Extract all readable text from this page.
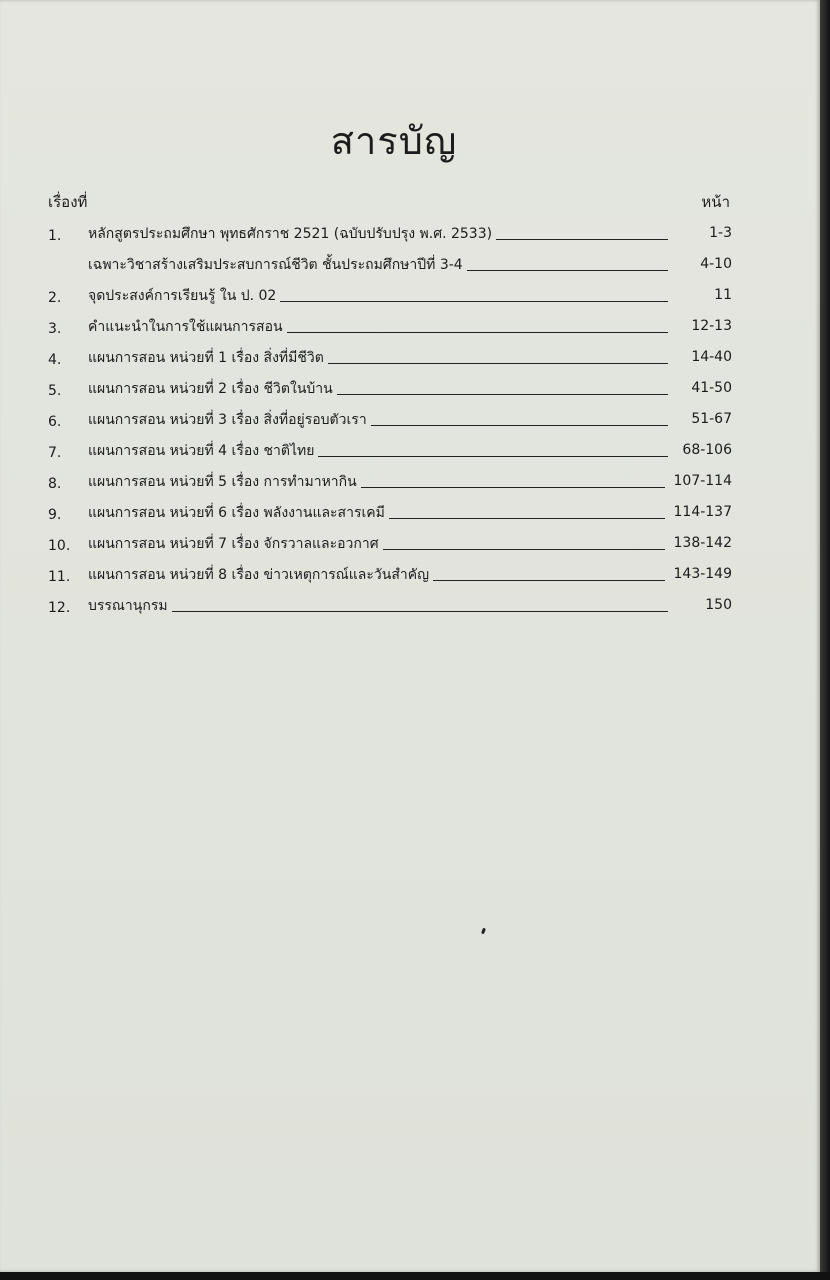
สารบัญ
เรื่องที่	หน้า
1.	หลักสูตรประถมศึกษา พุทธศักราช 2521 (ฉบับปรับปรุง พ.ศ. 2533)	1-3
เฉพาะวิชาสร้างเสริมประสบการณ์ชีวิต ชั้นประถมศึกษาปีที่ 3-4	4-10
2.	จุดประสงค์การเรียนรู้ ใน ป. 02	11
3.	คำแนะนำในการใช้แผนการสอน	12-13
4.	แผนการสอน หน่วยที่ 1 เรื่อง สิ่งที่มีชีวิต	14-40
5.	แผนการสอน หน่วยที่ 2 เรื่อง ชีวิตในบ้าน	41-50
6.	แผนการสอน หน่วยที่ 3 เรื่อง สิ่งที่อยู่รอบตัวเรา	51-67
7.	แผนการสอน หน่วยที่ 4 เรื่อง ชาติไทย	68-106
8.	แผนการสอน หน่วยที่ 5 เรื่อง การทำมาหากิน	107-114
9.	แผนการสอน หน่วยที่ 6 เรื่อง พลังงานและสารเคมี	114-137
10.	แผนการสอน หน่วยที่ 7 เรื่อง จักรวาลและอวกาศ	138-142
11.	แผนการสอน หน่วยที่ 8 เรื่อง ข่าวเหตุการณ์และวันสำคัญ	143-149
12.	บรรณานุกรม	150
